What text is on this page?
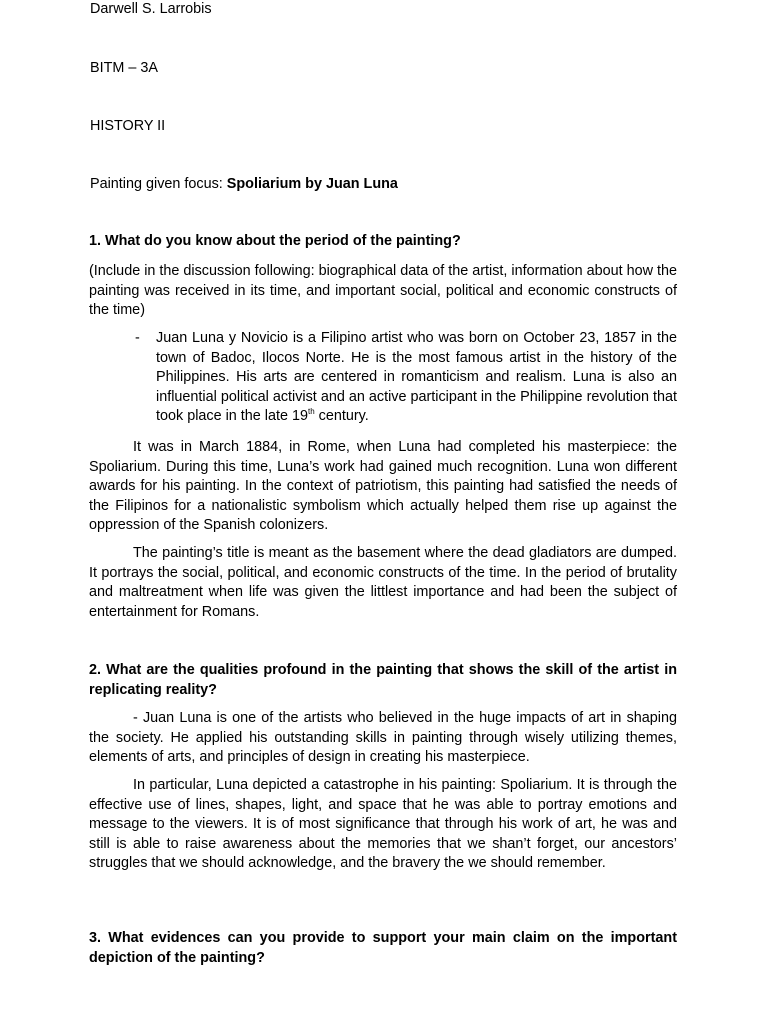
Darwell S. Larrobis

BITM – 3A

HISTORY II

Painting given focus: Spoliarium by Juan Luna

1. What do you know about the period of the painting?

(Include in the discussion following: biographical data of the artist, information about how the painting was received in its time, and important social, political and economic constructs of the time)

- Juan Luna y Novicio is a Filipino artist who was born on October 23, 1857 in the town of Badoc, Ilocos Norte. He is the most famous artist in the history of the Philippines. His arts are centered in romanticism and realism. Luna is also an influential political activist and an active participant in the Philippine revolution that took place in the late 19th century.

It was in March 1884, in Rome, when Luna had completed his masterpiece: the Spoliarium. During this time, Luna’s work had gained much recognition. Luna won different awards for his painting. In the context of patriotism, this painting had satisfied the needs of the Filipinos for a nationalistic symbolism which actually helped them rise up against the oppression of the Spanish colonizers.

The painting’s title is meant as the basement where the dead gladiators are dumped. It portrays the social, political, and economic constructs of the time. In the period of brutality and maltreatment when life was given the littlest importance and had been the subject of entertainment for Romans.

2. What are the qualities profound in the painting that shows the skill of the artist in replicating reality?

- Juan Luna is one of the artists who believed in the huge impacts of art in shaping the society. He applied his outstanding skills in painting through wisely utilizing themes, elements of arts, and principles of design in creating his masterpiece.

In particular, Luna depicted a catastrophe in his painting: Spoliarium. It is through the effective use of lines, shapes, light, and space that he was able to portray emotions and message to the viewers. It is of most significance that through his work of art, he was and still is able to raise awareness about the memories that we shan’t forget, our ancestors’ struggles that we should acknowledge, and the bravery the we should remember.

3. What evidences can you provide to support your main claim on the important depiction of the painting?
